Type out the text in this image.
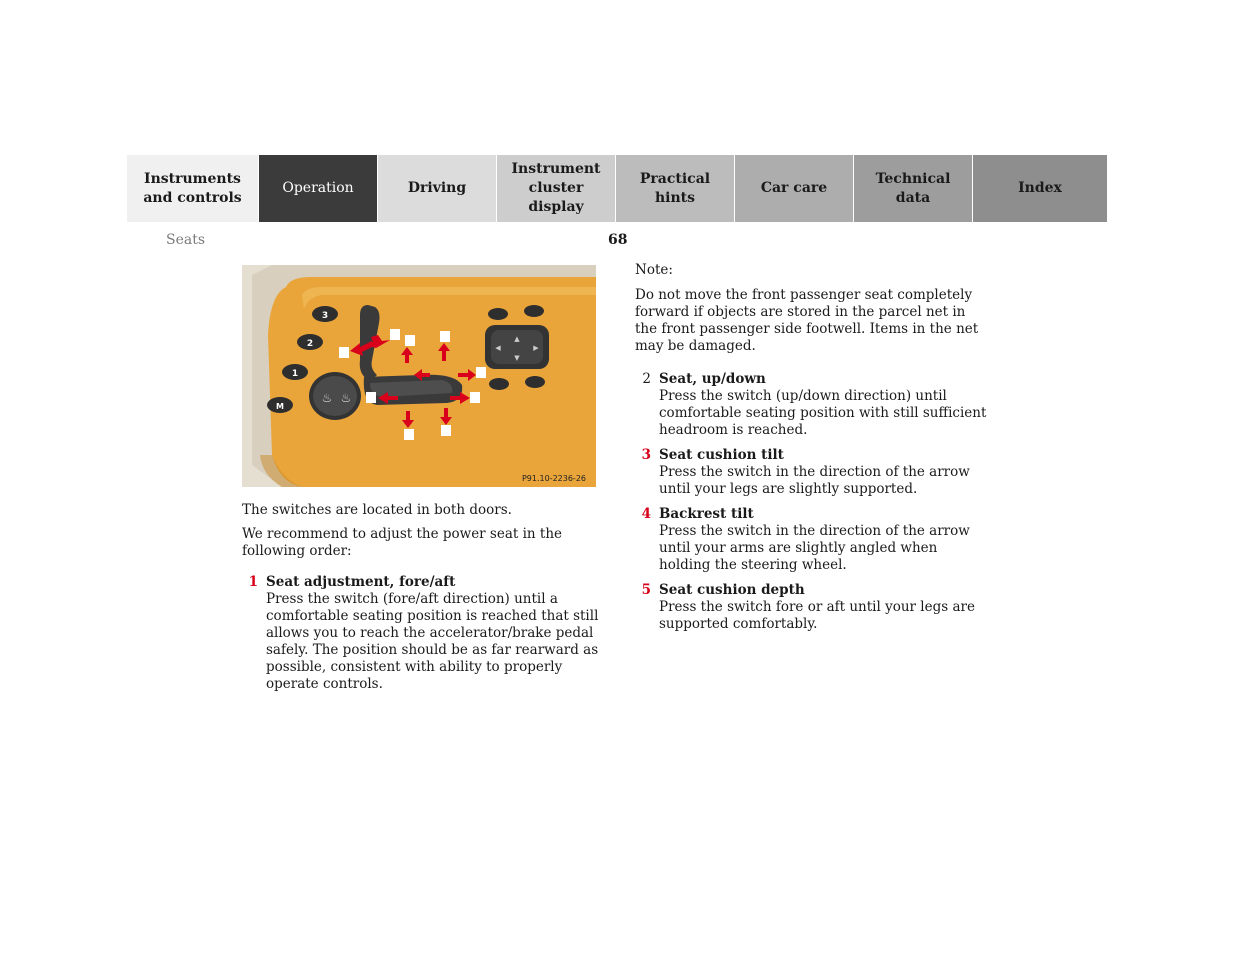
Instruments
and controls
Operation	Driving
Instrument
cluster display
Practical hints
Car care
Technical
data
Index
Seats	68
3
2
1
M
♨ ♨
▲
▼
◀	▶
P91.10-2236-26

The switches are located in both doors.

We recommend to adjust the power seat in the following order:

1 Seat adjustment, fore/aft
Press the switch (fore/aft direction) until a comfortable seating position is reached that still allows you to reach the accelerator/brake pedal safely. The position should be as far rearward as possible, consistent with ability to properly operate controls.

Note:

Do not move the front passenger seat completely forward if objects are stored in the parcel net in the front passenger side footwell. Items in the net may be damaged.

2 Seat, up/down
Press the switch (up/down direction) until comfortable seating position with still sufficient headroom is reached.
3 Seat cushion tilt
Press the switch in the direction of the arrow until your legs are slightly supported.
4 Backrest tilt
Press the switch in the direction of the arrow until your arms are slightly angled when holding the steering wheel.
5 Seat cushion depth
Press the switch fore or aft until your legs are supported comfortably.
